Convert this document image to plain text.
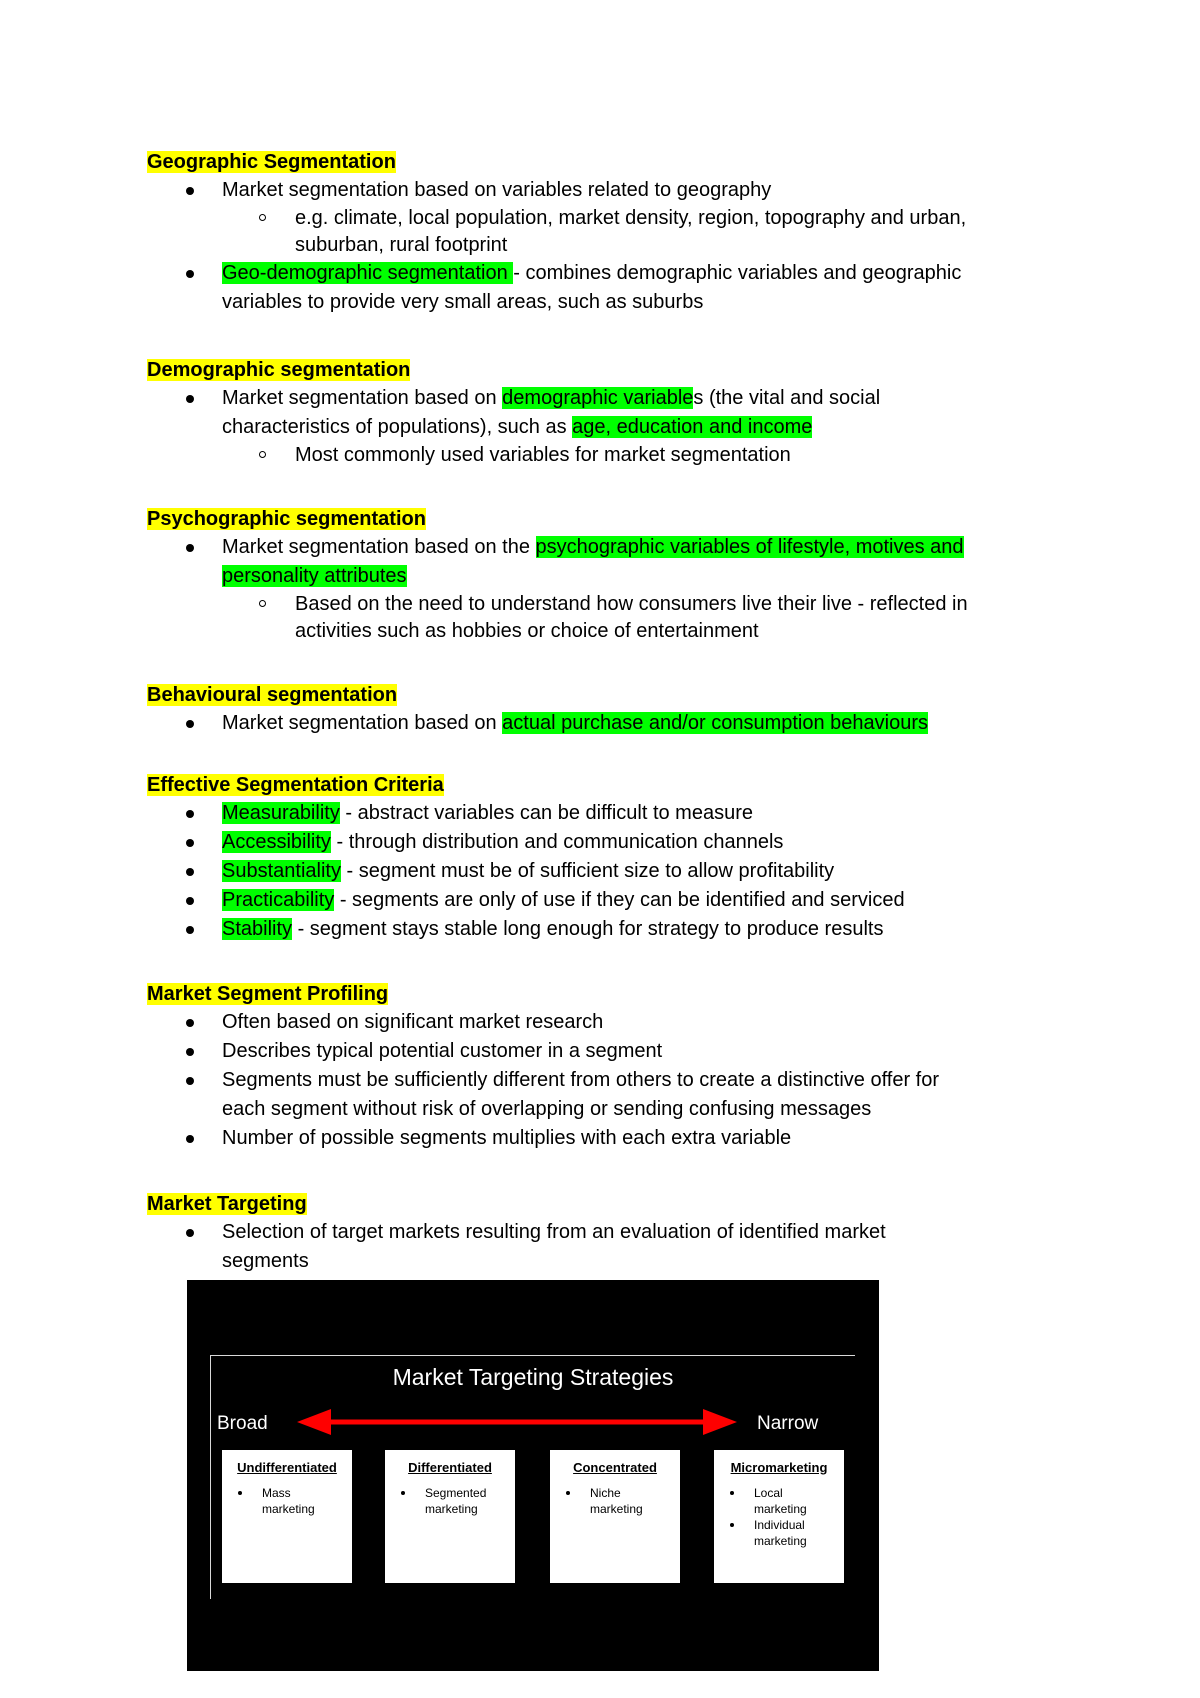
Geographic Segmentation
Market segmentation based on variables related to geography
e.g. climate, local population, market density, region, topography and urban,
suburban, rural footprint
Geo-demographic segmentation - combines demographic variables and geographic
variables to provide very small areas, such as suburbs
Demographic segmentation
Market segmentation based on demographic variables (the vital and social
characteristics of populations), such as age, education and income
Most commonly used variables for market segmentation
Psychographic segmentation
Market segmentation based on the psychographic variables of lifestyle, motives and
personality attributes
Based on the need to understand how consumers live their live - reflected in
activities such as hobbies or choice of entertainment
Behavioural segmentation
Market segmentation based on actual purchase and/or consumption behaviours
Effective Segmentation Criteria
Measurability - abstract variables can be difficult to measure
Accessibility - through distribution and communication channels
Substantiality - segment must be of sufficient size to allow profitability
Practicability - segments are only of use if they can be identified and serviced
Stability - segment stays stable long enough for strategy to produce results
Market Segment Profiling
Often based on significant market research
Describes typical potential customer in a segment
Segments must be sufficiently different from others to create a distinctive offer for
each segment without risk of overlapping or sending confusing messages
Number of possible segments multiplies with each extra variable
Market Targeting
Selection of target markets resulting from an evaluation of identified market
segments
Market Targeting Strategies
Broad	Narrow
Undifferentiated
Mass
marketing
Differentiated
Segmented
marketing
Concentrated
Niche
marketing
Micromarketing
Local
marketing
Individual
marketing
